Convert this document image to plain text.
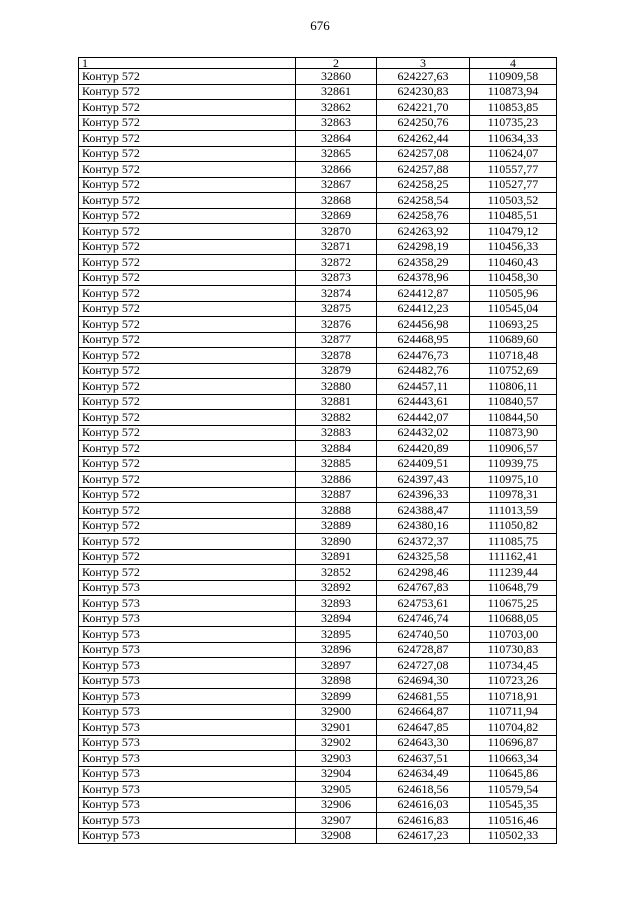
676
1	2	3	4
Контур 572	32860	624227,63	110909,58
Контур 572	32861	624230,83	110873,94
Контур 572	32862	624221,70	110853,85
Контур 572	32863	624250,76	110735,23
Контур 572	32864	624262,44	110634,33
Контур 572	32865	624257,08	110624,07
Контур 572	32866	624257,88	110557,77
Контур 572	32867	624258,25	110527,77
Контур 572	32868	624258,54	110503,52
Контур 572	32869	624258,76	110485,51
Контур 572	32870	624263,92	110479,12
Контур 572	32871	624298,19	110456,33
Контур 572	32872	624358,29	110460,43
Контур 572	32873	624378,96	110458,30
Контур 572	32874	624412,87	110505,96
Контур 572	32875	624412,23	110545,04
Контур 572	32876	624456,98	110693,25
Контур 572	32877	624468,95	110689,60
Контур 572	32878	624476,73	110718,48
Контур 572	32879	624482,76	110752,69
Контур 572	32880	624457,11	110806,11
Контур 572	32881	624443,61	110840,57
Контур 572	32882	624442,07	110844,50
Контур 572	32883	624432,02	110873,90
Контур 572	32884	624420,89	110906,57
Контур 572	32885	624409,51	110939,75
Контур 572	32886	624397,43	110975,10
Контур 572	32887	624396,33	110978,31
Контур 572	32888	624388,47	111013,59
Контур 572	32889	624380,16	111050,82
Контур 572	32890	624372,37	111085,75
Контур 572	32891	624325,58	111162,41
Контур 572	32852	624298,46	111239,44
Контур 573	32892	624767,83	110648,79
Контур 573	32893	624753,61	110675,25
Контур 573	32894	624746,74	110688,05
Контур 573	32895	624740,50	110703,00
Контур 573	32896	624728,87	110730,83
Контур 573	32897	624727,08	110734,45
Контур 573	32898	624694,30	110723,26
Контур 573	32899	624681,55	110718,91
Контур 573	32900	624664,87	110711,94
Контур 573	32901	624647,85	110704,82
Контур 573	32902	624643,30	110696,87
Контур 573	32903	624637,51	110663,34
Контур 573	32904	624634,49	110645,86
Контур 573	32905	624618,56	110579,54
Контур 573	32906	624616,03	110545,35
Контур 573	32907	624616,83	110516,46
Контур 573	32908	624617,23	110502,33
